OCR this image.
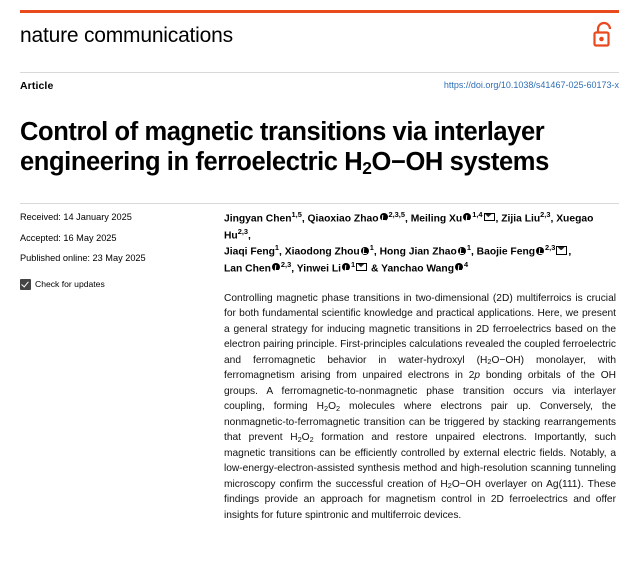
nature communications
Article	https://doi.org/10.1038/s41467-025-60173-x
Control of magnetic transitions via interlayer
engineering in ferroelectric $H_2O-OH$ systems
Received: 14 January 2025
Accepted: 16 May 2025
Published online: 23 May 2025
Check for updates
Jingyan Chen$^{1,5}$, Qiaoxiao Zhao $^{2,3,5}$, Meiling Xu $^{1,4}$ , Zijia Liu$^{2,3}$, Xuegao Hu$^{2,3}$,
Jiaqi Feng$^1$, Xiaodong Zhou $^1$, Hong Jian Zhao $^1$, Baojie Feng $^{2,3}$ ,
Lan Chen $^{2,3}$, Yinwei Li $^1$ & Yanchao Wang $^4$
Controlling magnetic phase transitions in two-dimensional (2D) multiferroics is crucial for both fundamental scientific knowledge and practical applications. Here, we present a general strategy for inducing magnetic transitions in 2D ferroelectrics based on the electron pairing principle. First-principles calculations revealed the coupled ferroelectric and ferromagnetic behavior in water-hydroxyl $(H_2O-OH)$ monolayer, with ferromagnetism arising from unpaired electrons in 2p bonding orbitals of the OH groups. A ferromagnetic-to-nonmagnetic phase transition occurs via interlayer coupling, forming $H_2O_2$ molecules where electrons pair up. Conversely, the nonmagnetic-to-ferromagnetic transition can be triggered by stacking rearrangements that prevent $H_2O_2$ formation and restore unpaired electrons. Importantly, such magnetic transitions can be efficiently controlled by external electric fields. Notably, a low-energy-electron-assisted synthesis method and high-resolution scanning tunneling microscopy confirm the successful creation of $H_2O-OH$ overlayer on Ag(111). These findings provide an approach for magnetism control in 2D ferroelectrics and offer insights for future spintronic and multiferroic devices.
